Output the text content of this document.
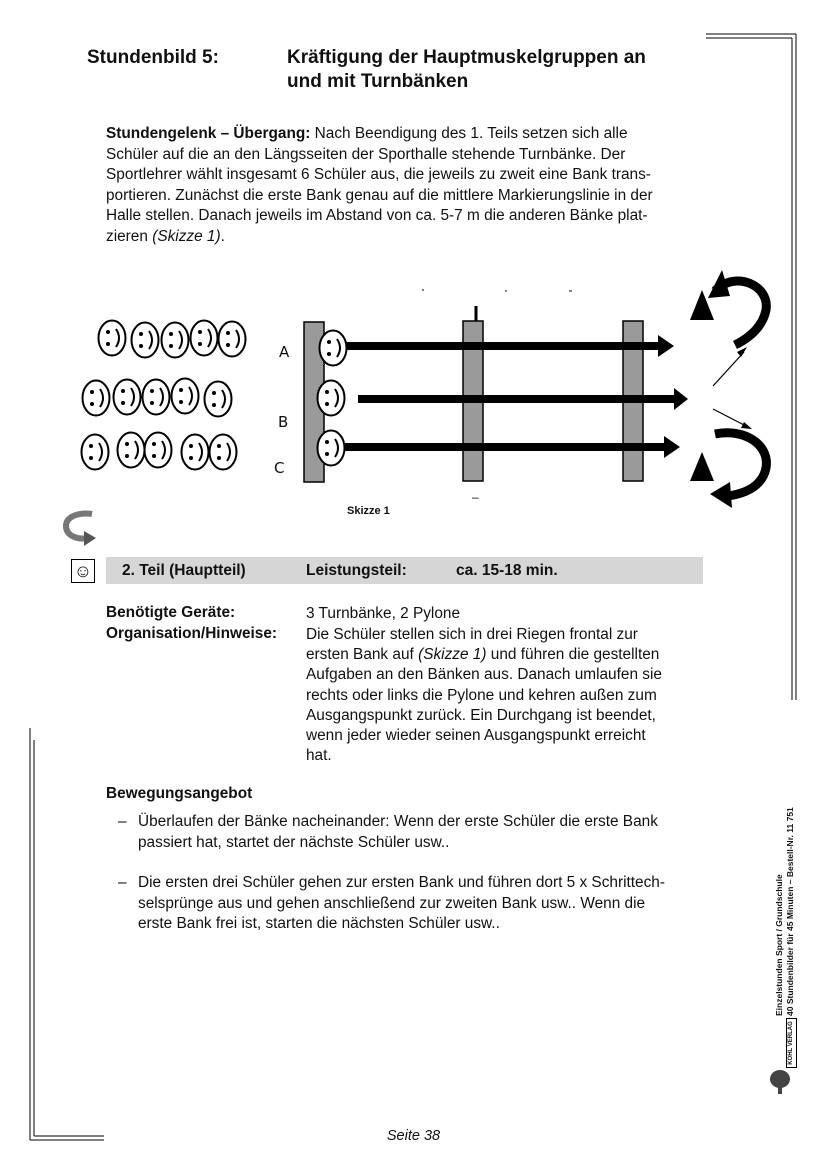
Stundenbild 5:	Kräftigung der Hauptmuskelgruppen an
und mit Turnbänken
Stundengelenk – Übergang: Nach Beendigung des 1. Teils setzen sich alle
Schüler auf die an den Längsseiten der Sporthalle stehende Turnbänke. Der
Sportlehrer wählt insgesamt 6 Schüler aus, die jeweils zu zweit eine Bank trans-
portieren. Zunächst die erste Bank genau auf die mittlere Markierungslinie in der
Halle stellen. Danach jeweils im Abstand von ca. 5-7 m die anderen Bänke plat-
zieren (Skizze 1).
A
B
C
–
Skizze 1
☺ 2. Teil (Hauptteil)	Leistungsteil:	ca. 15-18 min.
Benötigte Geräte:	3 Turnbänke, 2 Pylone
Organisation/Hinweise: Die Schüler stellen sich in drei Riegen frontal zur
ersten Bank auf (Skizze 1) und führen die gestellten
Aufgaben an den Bänken aus. Danach umlaufen sie
rechts oder links die Pylone und kehren außen zum
Ausgangspunkt zurück. Ein Durchgang ist beendet,
wenn jeder wieder seinen Ausgangspunkt erreicht
hat.
Bewegungsangebot
– Überlaufen der Bänke nacheinander: Wenn der erste Schüler die erste Bank
passiert hat, startet der nächste Schüler usw..
– Die ersten drei Schüler gehen zur ersten Bank und führen dort 5 x Schrittech-
selsprünge aus und gehen anschließend zur zweiten Bank usw.. Wenn die
erste Bank frei ist, starten die nächsten Schüler usw..	Einzelstunden Sport / Grundschule 40 Stundenbilder für 45 Minuten – Bestell-Nr. 11 751
KOHL VERLAG
Seite 38
